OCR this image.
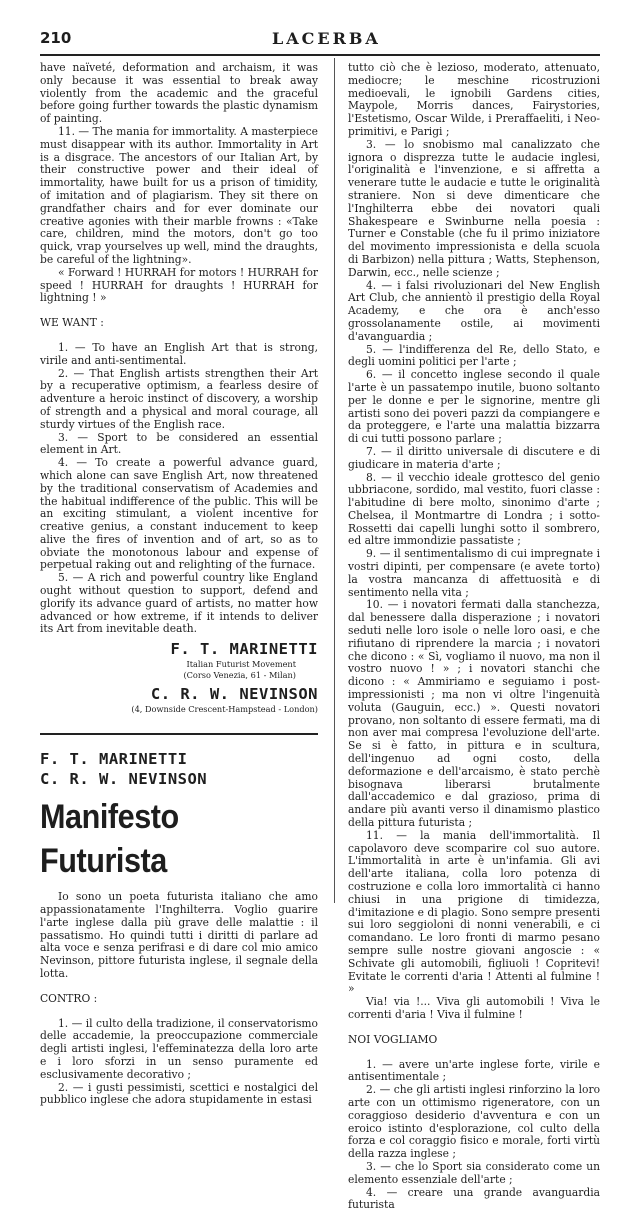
210	LACERBA

have naïveté, deformation and archaism, it was only because it was essential to break away violently from the academic and the graceful before going further towards the plastic dynamism of painting.

11. — The mania for immortality. A masterpiece must disappear with its author. Immortality in Art is a disgrace. The ancestors of our Italian Art, by their constructive power and their ideal of immortality, hawe built for us a prison of timidity, of imitation and of plagiarism. They sit there on grandfather chairs and for ever dominate our creative agonies with their marble frowns : «Take care, children, mind the motors, don't go too quick, vrap yourselves up well, mind the draughts, be careful of the lightning».

« Forward ! HURRAH for motors ! HURRAH for speed ! HURRAH for draughts ! HURRAH for lightning ! »

WE WANT :

1. — To have an English Art that is strong, virile and anti-sentimental.

2. — That English artists strengthen their Art by a recuperative optimism, a fearless desire of adventure a heroic instinct of discovery, a worship of strength and a physical and moral courage, all sturdy virtues of the English race.

3. — Sport to be considered an essential element in Art.

4. — To create a powerful advance guard, which alone can save English Art, now threatened by the traditional conservatism of Academies and the habitual indifference of the public. This will be an exciting stimulant, a violent incentive for creative genius, a constant inducement to keep alive the fires of invention and of art, so as to obviate the monotonous labour and expense of perpetual raking out and relighting of the furnace.

5. — A rich and powerful country like England ought without question to support, defend and glorify its advance guard of artists, no matter how advanced or how extreme, if it intends to deliver its Art from inevitable death.

F. T. MARINETTI

Italian Futurist Movement

(Corso Venezia, 61 - Milan)

C. R. W. NEVINSON

(4, Downside Crescent-Hampstead - London)

F. T. MARINETTI

C. R. W. NEVINSON

Manifesto Futurista

Io sono un poeta futurista italiano che amo appassionatamente l'Inghilterra. Voglio guarire l'arte inglese dalla più grave delle malattie : il passatismo. Ho quindi tutti i diritti di parlare ad alta voce e senza perifrasi e di dare col mio amico Nevinson, pittore futurista inglese, il segnale della lotta.

CONTRO :

1. — il culto della tradizione, il conservatorismo delle accademie, la preoccupazione commerciale degli artisti inglesi, l'effeminatezza della loro arte e i loro sforzi in un senso puramente ed esclusivamente decorativo ;

2. — i gusti pessimisti, scettici e nostalgici del pubblico inglese che adora stupidamente in estasi

tutto ciò che è lezioso, moderato, attenuato, mediocre; le meschine ricostruzioni medioevali, le ignobili Gardens cities, Maypole, Morris dances, Fairystories, l'Estetismo, Oscar Wilde, i Preraffaeliti, i Neo-primitivi, e Parigi ;

3. — lo snobismo mal canalizzato che ignora o disprezza tutte le audacie inglesi, l'originalità e l'invenzione, e si affretta a venerare tutte le audacie e tutte le originalità straniere. Non si deve dimenticare che l'Inghilterra ebbe dei novatori quali Shakespeare e Swinburne nella poesia : Turner e Constable (che fu il primo iniziatore del movimento impressionista e della scuola di Barbizon) nella pittura ; Watts, Stephenson, Darwin, ecc., nelle scienze ;

4. — i falsi rivoluzionari del New English Art Club, che annientò il prestigio della Royal Academy, e che ora è anch'esso grossolanamente ostile, ai movimenti d'avanguardia ;

5. — l'indifferenza del Re, dello Stato, e degli uomini politici per l'arte ;

6. — il concetto inglese secondo il quale l'arte è un passatempo inutile, buono soltanto per le donne e per le signorine, mentre gli artisti sono dei poveri pazzi da compiangere e da proteggere, e l'arte una malattia bizzarra di cui tutti possono parlare ;

7. — il diritto universale di discutere e di giudicare in materia d'arte ;

8. — il vecchio ideale grottesco del genio ubbriacone, sordido, mal vestito, fuori classe : l'abitudine di bere molto, sinonimo d'arte ; Chelsea, il Montmartre di Londra ; i sotto-Rossetti dai capelli lunghi sotto il sombrero, ed altre immondizie passatiste ;

9. — il sentimentalismo di cui impregnate i vostri dipinti, per compensare (e avete torto) la vostra mancanza di affettuosità e di sentimento nella vita ;

10. — i novatori fermati dalla stanchezza, dal benessere dalla disperazione ; i novatori seduti nelle loro isole o nelle loro oasi, e che rifiutano di riprendere la marcia ; i novatori che dicono : « Sì, vogliamo il nuovo, ma non il vostro nuovo ! » ; i novatori stanchi che dicono : « Ammiriamo e seguiamo i post-impressionisti ; ma non vi oltre l'ingenuità voluta (Gauguin, ecc.) ». Questi novatori provano, non soltanto di essere fermati, ma di non aver mai compresa l'evoluzione dell'arte. Se si è fatto, in pittura e in scultura, dell'ingenuo ad ogni costo, della deformazione e dell'arcaismo, è stato perchè bisognava liberarsi brutalmente dall'accademico e dal grazioso, prima di andare più avanti verso il dinamismo plastico della pittura futurista ;

11. — la mania dell'immortalità. Il capolavoro deve scomparire col suo autore. L'immortalità in arte è un'infamia. Gli avi dell'arte italiana, colla loro potenza di costruzione e colla loro immortalità ci hanno chiusi in una prigione di timidezza, d'imitazione e di plagio. Sono sempre presenti sui loro seggioloni di nonni venerabili, e ci comandano. Le loro fronti di marmo pesano sempre sulle nostre giovani angoscie : « Schivate gli automobili, figliuoli ! Copritevi! Evitate le correnti d'aria ! Attenti al fulmine ! »

Via! via !... Viva gli automobili ! Viva le correnti d'aria ! Viva il fulmine !

NOI VOGLIAMO

1. — avere un'arte inglese forte, virile e antisentimentale ;

2. — che gli artisti inglesi rinforzino la loro arte con un ottimismo rigeneratore, con un coraggioso desiderio d'avventura e con un eroico istinto d'esplorazione, col culto della forza e col coraggio fisico e morale, forti virtù della razza inglese ;

3. — che lo Sport sia considerato come un elemento essenziale dell'arte ;

4. — creare una grande avanguardia futurista
